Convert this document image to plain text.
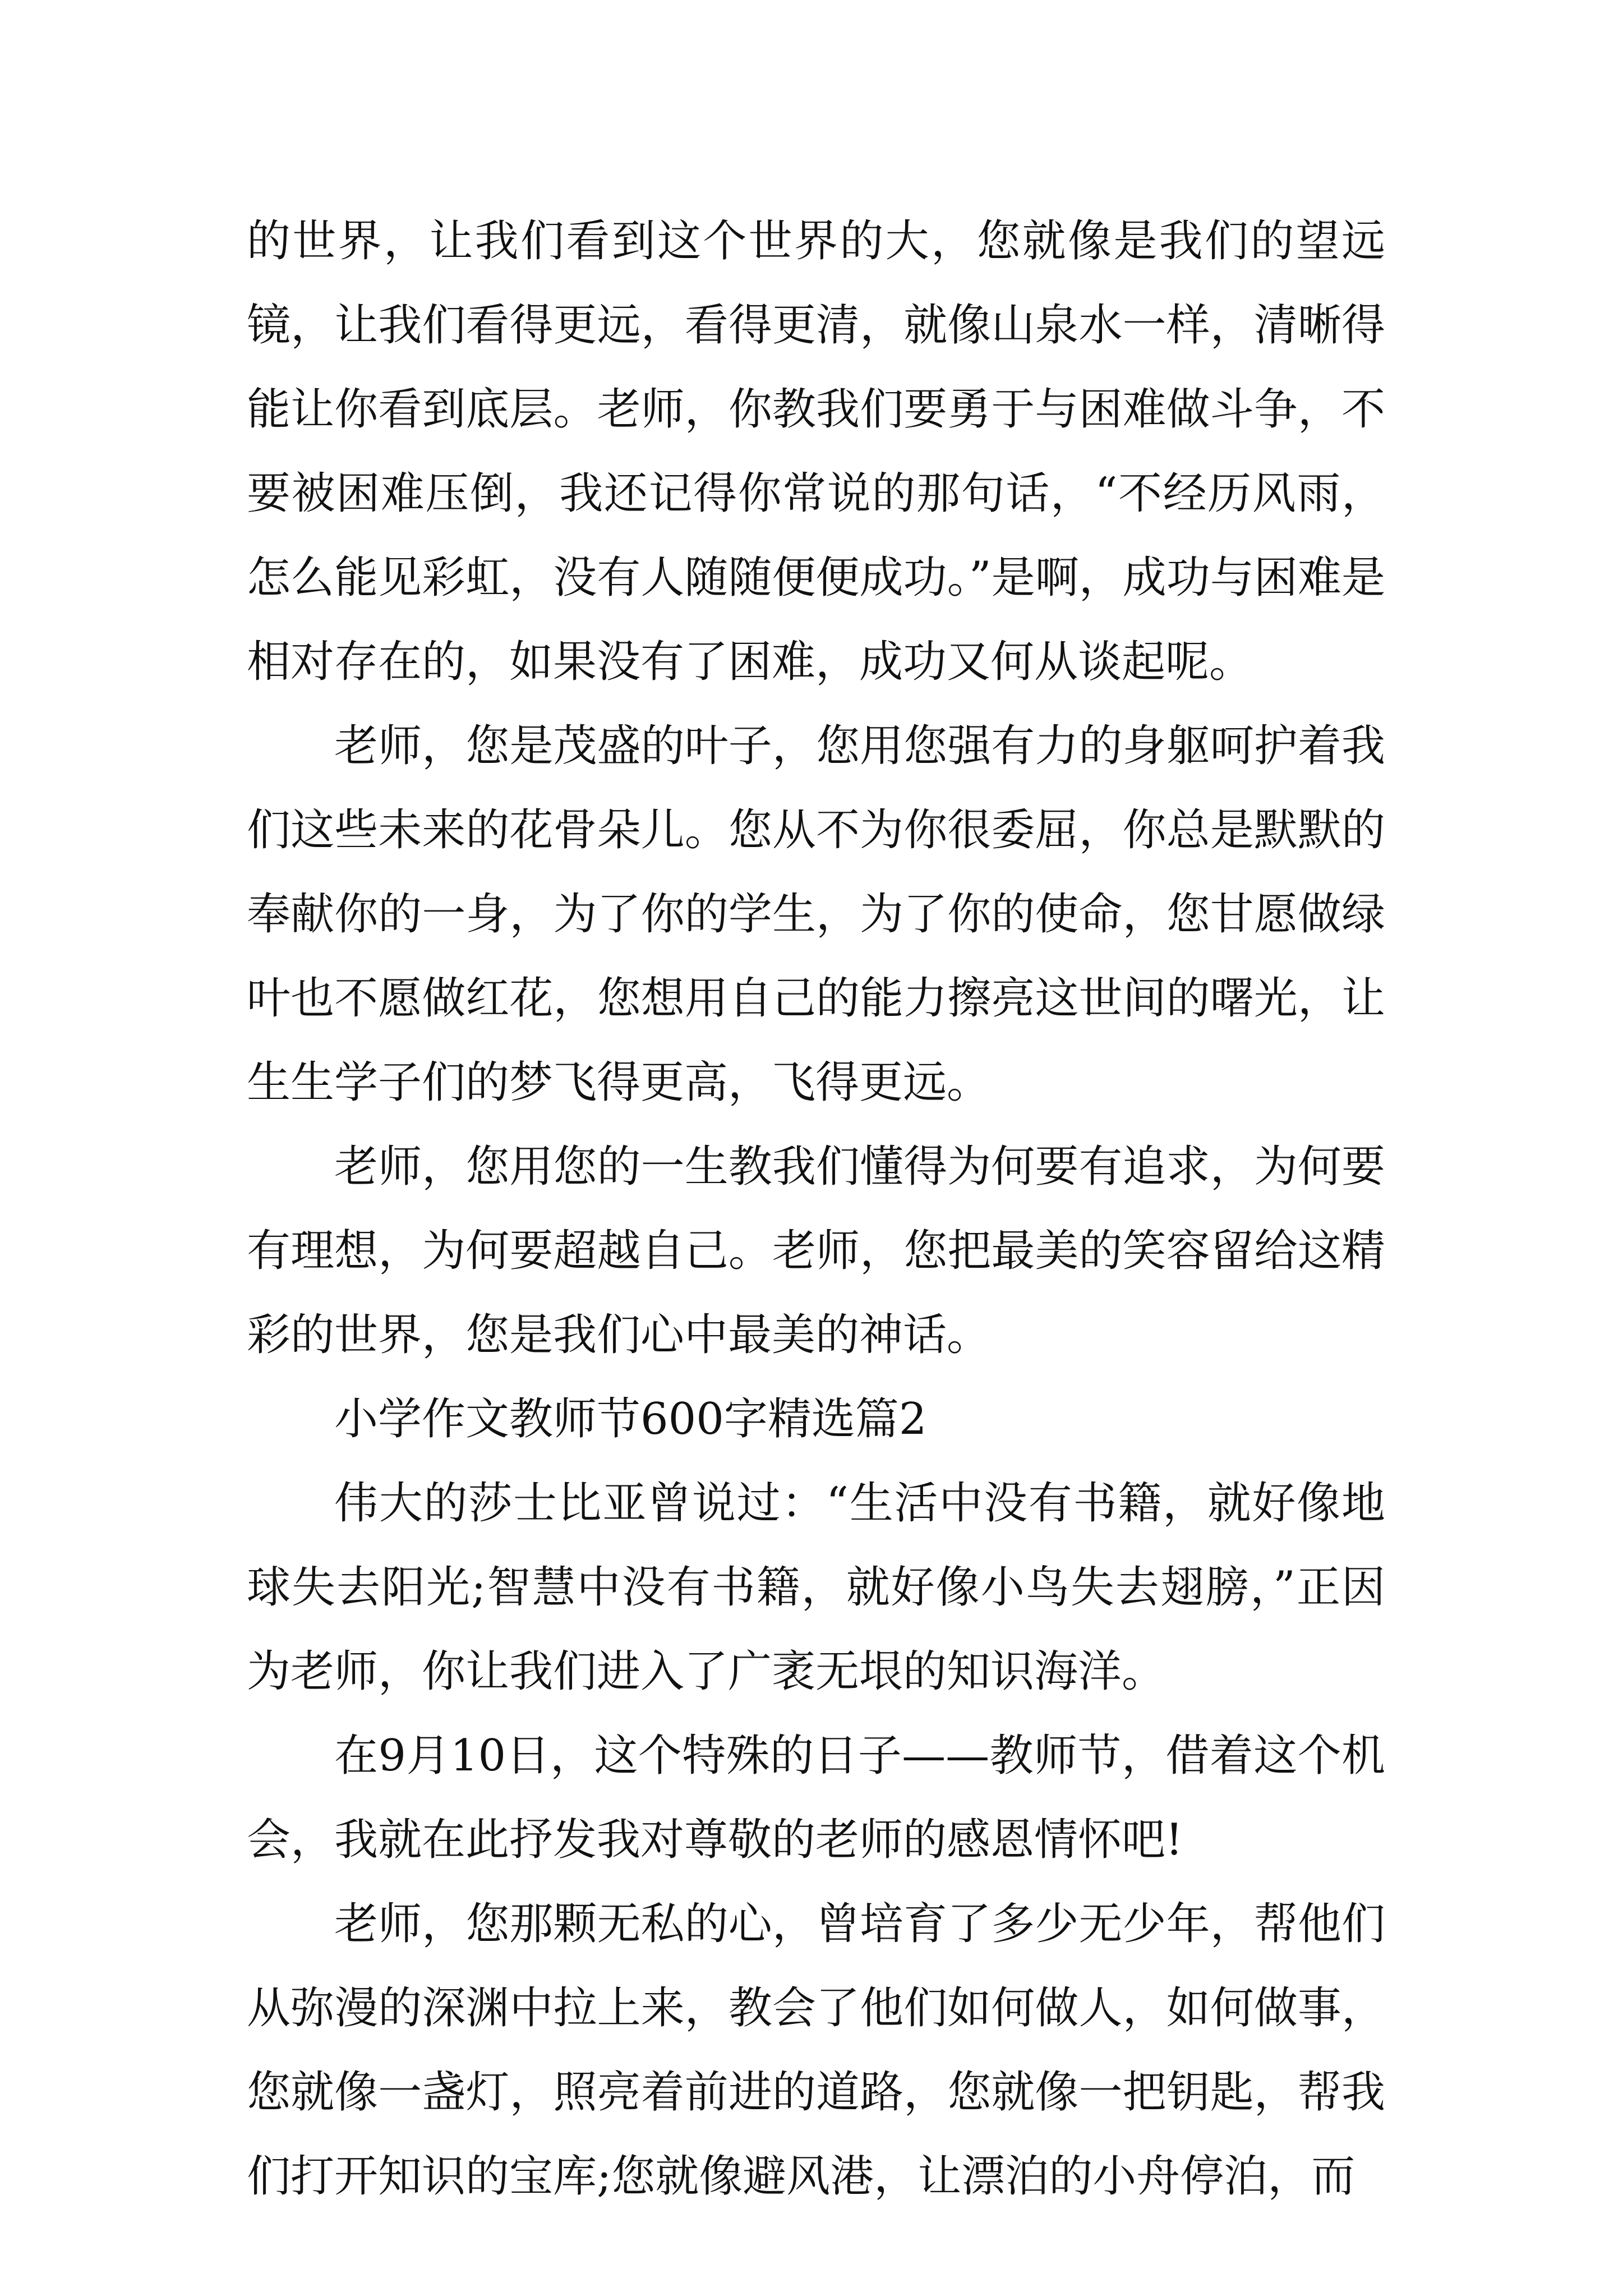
的世界，让我们看到这个世界的大，您就像是我们的望远镜，让我们看得更远，看得更清，就像山泉水一样，清晰得能让你看到底层。老师，你教我们要勇于与困难做斗争，不要被困难压倒，我还记得你常说的那句话，“不经历风雨，怎么能见彩虹，没有人随随便便成功。”是啊，成功与困难是相对存在的，如果没有了困难，成功又何从谈起呢。

老师，您是茂盛的叶子，您用您强有力的身躯呵护着我们这些未来的花骨朵儿。您从不为你很委屈，你总是默默的奉献你的一身，为了你的学生，为了你的使命，您甘愿做绿叶也不愿做红花，您想用自己的能力擦亮这世间的曙光，让生生学子们的梦飞得更高，飞得更远。

老师，您用您的一生教我们懂得为何要有追求，为何要有理想，为何要超越自己。老师，您把最美的笑容留给这精彩的世界，您是我们心中最美的神话。

小学作文教师节600字精选篇2

伟大的莎士比亚曾说过：“生活中没有书籍，就好像地球失去阳光;智慧中没有书籍，就好像小鸟失去翅膀，”正因为老师，你让我们进入了广袤无垠的知识海洋。

在9月10日，这个特殊的日子——教师节，借着这个机会，我就在此抒发我对尊敬的老师的感恩情怀吧!

老师，您那颗无私的心，曾培育了多少无少年，帮他们从弥漫的深渊中拉上来，教会了他们如何做人，如何做事，您就像一盏灯，照亮着前进的道路，您就像一把钥匙，帮我们打开知识的宝库;您就像避风港，让漂泊的小舟停泊，而
